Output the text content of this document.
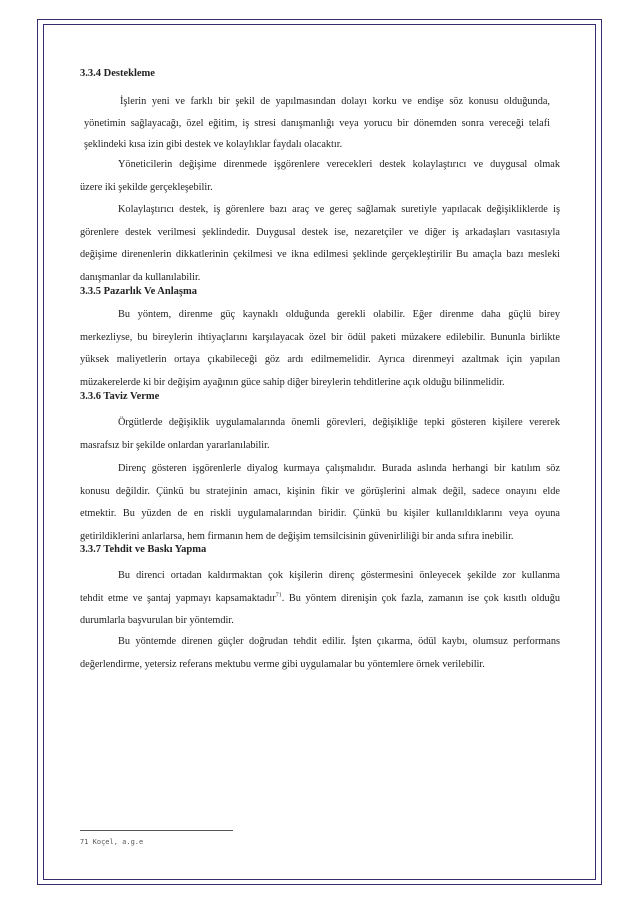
3.3.4 Destekleme

İşlerin yeni ve farklı bir şekil de yapılmasından dolayı korku ve endişe söz konusu olduğunda,
yönetimin sağlayacağı, özel eğitim, iş stresi danışmanlığı veya yorucu bir dönemden sonra vereceği telafi
şeklindeki kısa izin gibi destek ve kolaylıklar faydalı olacaktır.
Yöneticilerin değişime direnmede işgörenlere verecekleri destek kolaylaştırıcı ve duygusal olmak
üzere iki şekilde gerçekleşebilir.
Kolaylaştırıcı destek, iş görenlere bazı araç ve gereç sağlamak suretiyle yapılacak değişikliklerde iş
görenlere destek verilmesi şeklindedir. Duygusal destek ise, nezaretçiler ve diğer iş arkadaşları vasıtasıyla
değişime direnenlerin dikkatlerinin çekilmesi ve ikna edilmesi şeklinde gerçekleştirilir Bu amaçla bazı mesleki
danışmanlar da kullanılabilir.

3.3.5 Pazarlık Ve Anlaşma

Bu yöntem, direnme güç kaynaklı olduğunda gerekli olabilir. Eğer direnme daha güçlü birey
merkezliyse, bu bireylerin ihtiyaçlarını karşılayacak özel bir ödül paketi müzakere edilebilir. Bununla birlikte
yüksek maliyetlerin ortaya çıkabileceği göz ardı edilmemelidir. Ayrıca direnmeyi azaltmak için yapılan
müzakerelerde ki bir değişim ayağının güce sahip diğer bireylerin tehditlerine açık olduğu bilinmelidir.

3.3.6 Taviz Verme

Örgütlerde değişiklik uygulamalarında önemli görevleri, değişikliğe tepki gösteren kişilere vererek
masrafsız bir şekilde onlardan yararlanılabilir.
Direnç gösteren işgörenlerle diyalog kurmaya çalışmalıdır. Burada aslında herhangi bir katılım söz
konusu değildir. Çünkü bu stratejinin amacı, kişinin fikir ve görüşlerini almak değil, sadece onayını elde
etmektir. Bu yüzden de en riskli uygulamalarından biridir. Çünkü bu kişiler kullanıldıklarını veya oyuna
getirildiklerini anlarlarsa, hem firmanın hem de değişim temsilcisinin güvenirliliği bir anda sıfıra inebilir.

3.3.7 Tehdit ve Baskı Yapma

Bu direnci ortadan kaldırmaktan çok kişilerin direnç göstermesini önleyecek şekilde zor kullanma
tehdit etme ve şantaj yapmayı kapsamaktadır$^{71}$. Bu yöntem direnişin çok fazla, zamanın ise çok kısıtlı olduğu
durumlarla başvurulan bir yöntemdir.
Bu yöntemde direnen güçler doğrudan tehdit edilir. İşten çıkarma, ödül kaybı, olumsuz performans
değerlendirme, yetersiz referans mektubu verme gibi uygulamalar bu yöntemlere örnek verilebilir.
71 Koçel, a.g.e
